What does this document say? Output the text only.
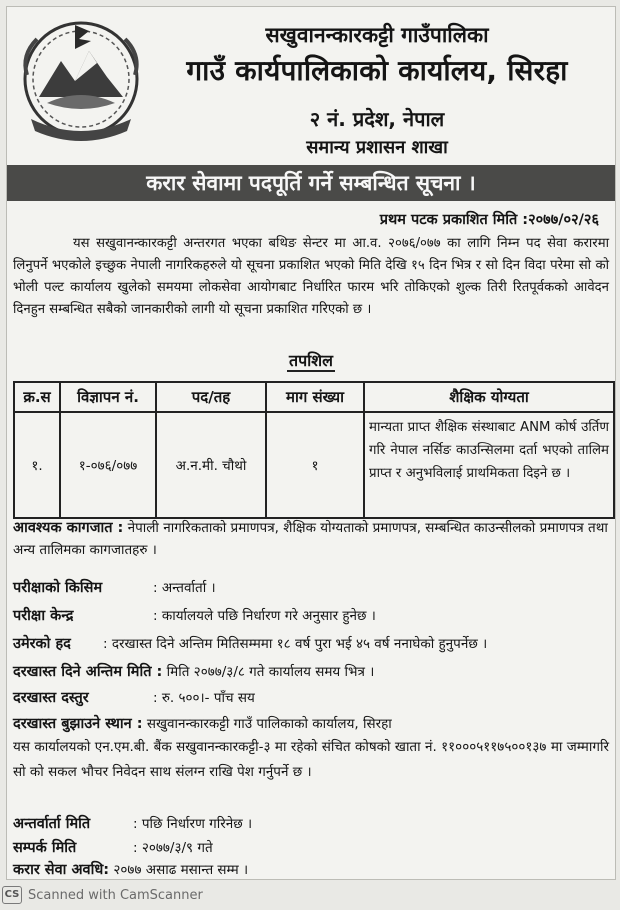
सखुवानन्कारकट्टी गाउँपालिका
गाउँ कार्यपालिकाको कार्यालय, सिरहा
२ नं. प्रदेश, नेपाल
समान्य प्रशासन शाखा
करार सेवामा पदपूर्ति गर्ने सम्बन्धित सूचना ।
प्रथम पटक प्रकाशित मिति :२०७७/०२/२६
यस सखुवानन्कारकट्टी अन्तरगत भएका बथिङ सेन्टर मा आ.व. २०७६/०७७ का लागि निम्न पद सेवा करारमा लिनुपर्ने भएकोले इच्छुक नेपाली नागरिकहरुले यो सूचना प्रकाशित भएको मिति देखि १५ दिन भित्र र सो दिन विदा परेमा सो को भोली पल्ट कार्यालय खुलेको समयमा लोकसेवा आयोगबाट निर्धारित फारम भरि तोकिएको शुल्क तिरी रितपूर्वकको आवेदन दिनहुन सम्बन्धित सबैको जानकारीको लागी यो सूचना प्रकाशित गरिएको छ ।
तपशिल
क्र.स	विज्ञापन नं.	पद/तह	माग संख्या	शैक्षिक योग्यता
१.	१-०७६/०७७	अ.न.मी. चौथो	१	मान्यता प्राप्त शैक्षिक संस्थाबाट ANM कोर्ष उर्तिण गरि नेपाल नर्सिङ काउन्सिलमा दर्ता भएको तालिम प्राप्त र अनुभविलाई प्राथमिकता दिइने छ ।
आवश्यक कागजात : नेपाली नागरिकताको प्रमाणपत्र, शैक्षिक योग्यताको प्रमाणपत्र, सम्बन्धित काउन्सीलको प्रमाणपत्र तथा अन्य तालिमका कागजातहरु ।
परीक्षाको किसिम	: अन्तर्वार्ता ।
परीक्षा केन्द्र	: कार्यालयले पछि निर्धारण गरे अनुसार हुनेछ ।
उमेरको हद : दरखास्त दिने अन्तिम मितिसम्ममा १८ वर्ष पुरा भई ४५ वर्ष ननाघेको हुनुपर्नेछ ।
दरखास्त दिने अन्तिम मिति : मिति २०७७/३/८ गते कार्यालय समय भित्र ।
दरखास्त दस्तुर	: रु. ५००।- पाँच सय
दरखास्त बुझाउने स्थान : सखुवानन्कारकट्टी गाउँ पालिकाको कार्यालय, सिरहा
यस कार्यालयको एन.एम.बी. बैंक सखुवानन्कारकट्टी-३ मा रहेको संचित कोषको खाता नं. ११०००५११७५००१३७ मा जम्मागरि सो को सकल भौचर निवेदन साथ संलग्न राखि पेश गर्नुपर्ने छ ।
अन्तर्वार्ता मिति	: पछि निर्धारण गरिनेछ ।
सम्पर्क मिति	: २०७७/३/९ गते
करार सेवा अवधि: २०७७ असाढ मसान्त सम्म ।
CS Scanned with CamScanner
